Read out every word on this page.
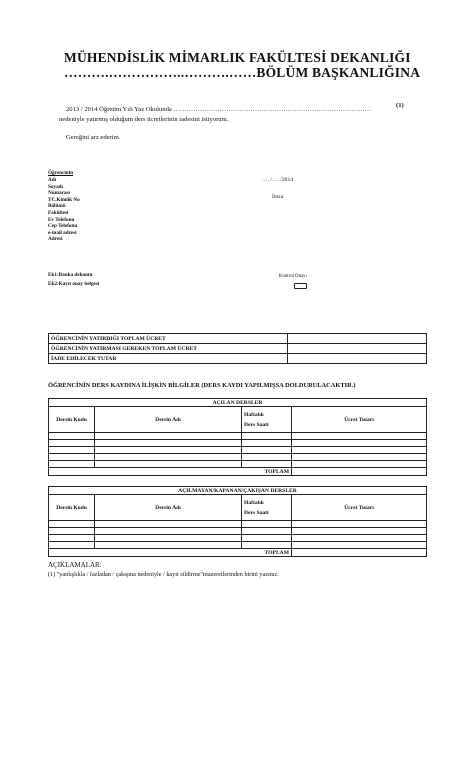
MÜHENDİSLİK MİMARLIK FAKÜLTESİ DEKANLIĞI
……….……………..……….……BÖLÜM BAŞKANLIĞINA
2013 / 2014 Öğretim Yılı Yaz Okulunda ………………………………………………………………………………
(1)
nedeniyle yatırmış olduğum ders ücretlerinin iadesini istiyorum.
Gereğini arz ederim.
Öğrencinin
Adı
Soyadı
Numarası
TC.Kimlik No
Bölümü
Fakültesi
Ev Telefonu
Cep Telefonu
e-mail adresi
Adresi
…. /…. /2014
İmza
Ek1:Banka dekontu
Ek2:Kayıt onay belgesi
Kontrol Onayı
ÖĞRENCİNİN YATIRDIĞI TOPLAM ÜCRET	
ÖĞRENCİNİN YATIRMASI GEREKEN TOPLAM ÜCRET	
İADE EDİLECEK TUTAR	
ÖĞRENCİNİN DERS KAYDINA İLİŞKİN BİLGİLER (DERS KAYDI YAPILMIŞSA DOLDURULACAKTIR.)
AÇILAN DERSLER			
Dersin Kodu	Dersin Adı	Haftalık
Ders Saati	Ücret Tutarı

TOPLAM			
AÇILMAYAN/KAPANAN/ÇAKIŞAN DERSLER			
Dersin Kodu	Dersin Adı	Haftalık
Ders Saati	Ücret Tutarı

TOPLAM			
AÇIKLAMALAR:
(1) "yanlışlıkla / fazladan / çakışma nedeniyle / kayıt sildirme"mazeretlerinden birini yazınız.
